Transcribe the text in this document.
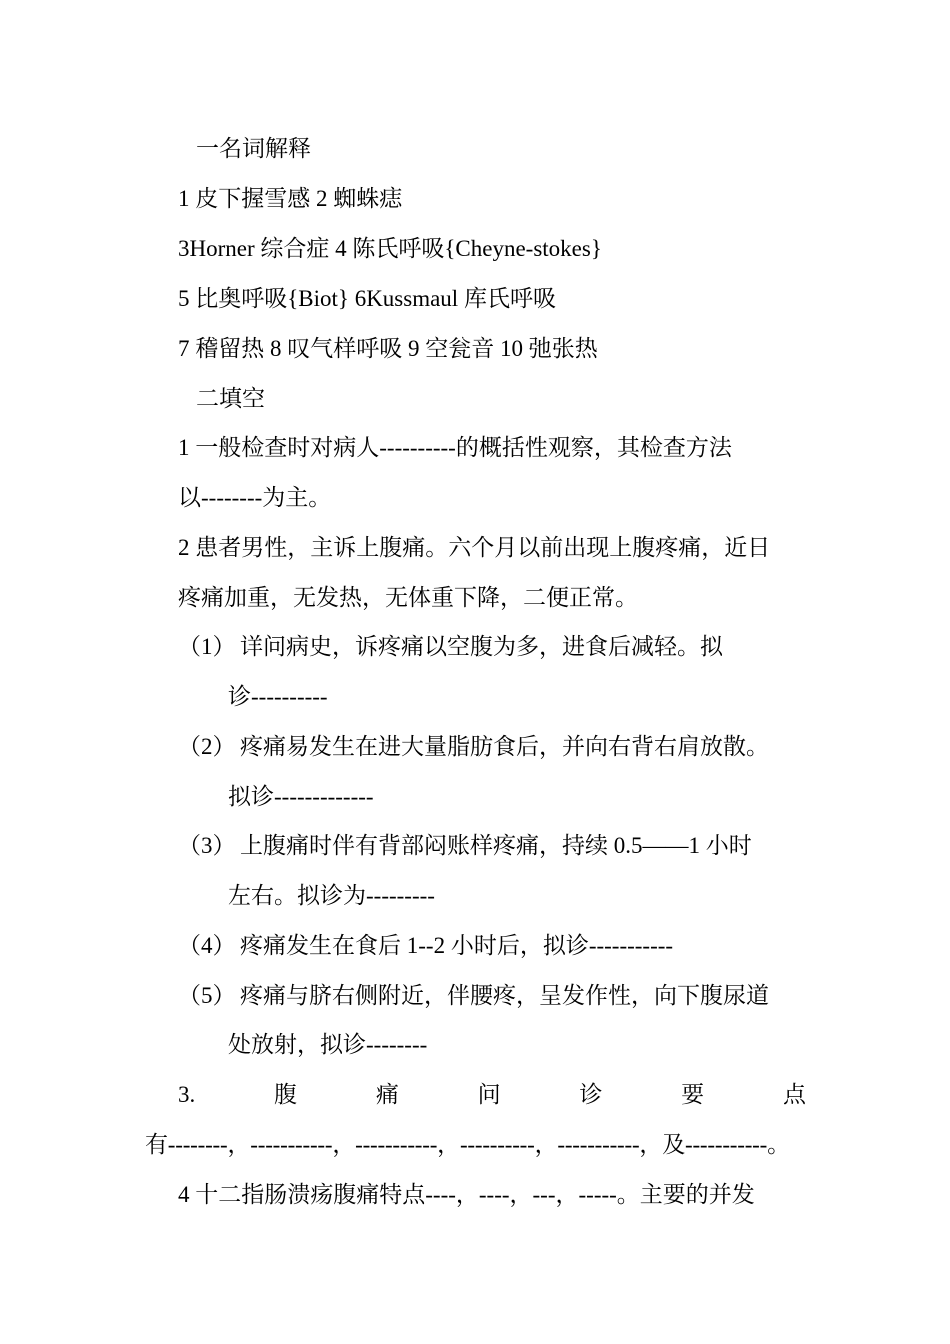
一名词解释
1 皮下握雪感 2 蜘蛛痣
3Horner 综合症 4 陈氏呼吸{Cheyne-stokes}
5 比奥呼吸{Biot} 6Kussmaul 库氏呼吸
7 稽留热 8 叹气样呼吸 9 空瓮音 10 弛张热
二填空
1 一般检查时对病人----------的概括性观察，其检查方法
以--------为主。
2 患者男性，主诉上腹痛。六个月以前出现上腹疼痛，近日
疼痛加重，无发热，无体重下降，二便正常。
（1） 详问病史，诉疼痛以空腹为多，进食后减轻。拟
诊----------
（2） 疼痛易发生在进大量脂肪食后，并向右背右肩放散。
拟诊-------------
（3） 上腹痛时伴有背部闷账样疼痛，持续 0.5——1 小时
左右。拟诊为---------
（4） 疼痛发生在食后 1--2 小时后，拟诊-----------
（5） 疼痛与脐右侧附近，伴腰疼，呈发作性，向下腹尿道
处放射，拟诊--------
3.	腹	痛	问	诊	要	点
有--------，-----------，-----------，----------，-----------，及-----------。
4 十二指肠溃疡腹痛特点----，----，---，-----。主要的并发
